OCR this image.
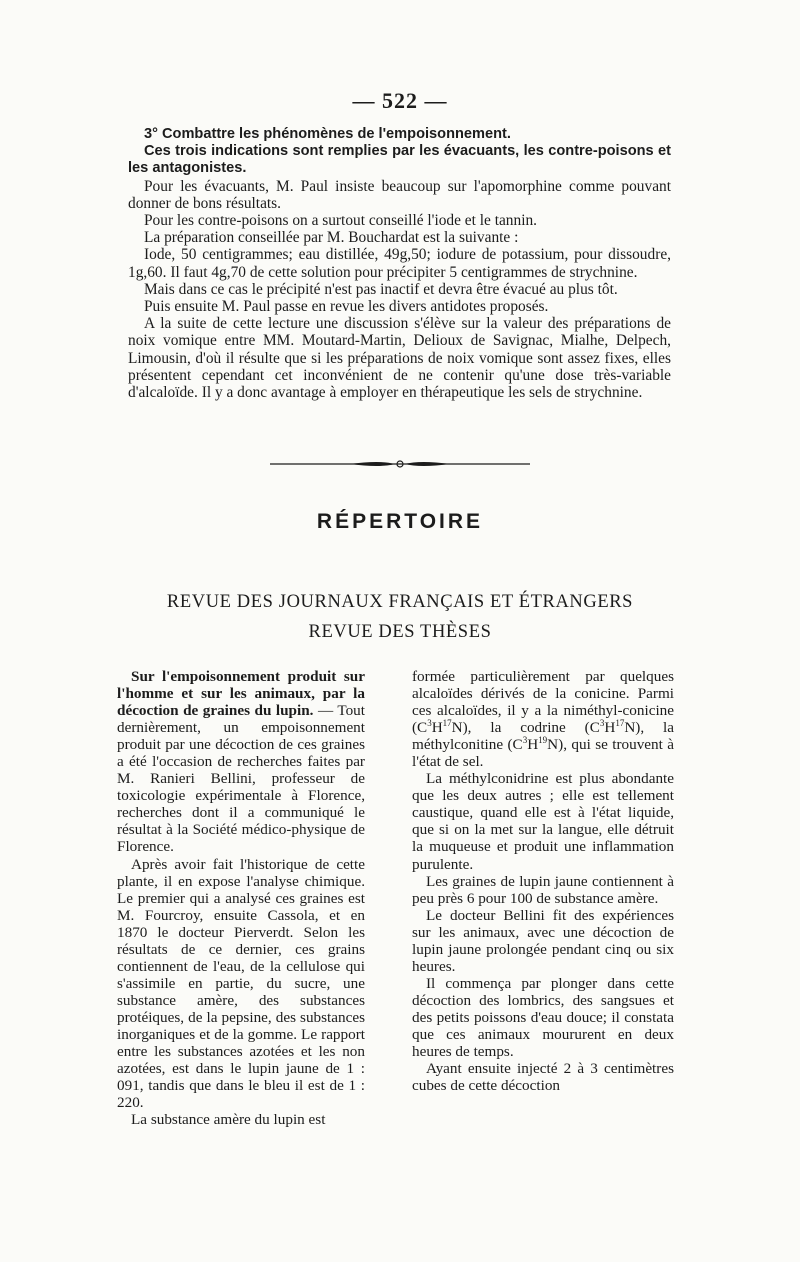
— 522 —

3° Combattre les phénomènes de l'empoisonnement.

Ces trois indications sont remplies par les évacuants, les contre-poisons et les antagonistes.

Pour les évacuants, M. Paul insiste beaucoup sur l'apomorphine comme pouvant donner de bons résultats.

Pour les contre-poisons on a surtout conseillé l'iode et le tannin.

La préparation conseillée par M. Bouchardat est la suivante :

Iode, 50 centigrammes; eau distillée, 49g,50; iodure de potassium, pour dissoudre, 1g,60. Il faut 4g,70 de cette solution pour précipiter 5 centigrammes de strychnine.

Mais dans ce cas le précipité n'est pas inactif et devra être évacué au plus tôt.

Puis ensuite M. Paul passe en revue les divers antidotes proposés.

A la suite de cette lecture une discussion s'élève sur la valeur des préparations de noix vomique entre MM. Moutard-Martin, Delioux de Savignac, Mialhe, Delpech, Limousin, d'où il résulte que si les préparations de noix vomique sont assez fixes, elles présentent cependant cet inconvénient de ne contenir qu'une dose très-variable d'alcaloïde. Il y a donc avantage à employer en thérapeutique les sels de strychnine.

RÉPERTOIRE
REVUE DES JOURNAUX FRANÇAIS ET ÉTRANGERS
REVUE DES THÈSES

Sur l'empoisonnement produit sur l'homme et sur les animaux, par la décoction de graines du lupin. — Tout dernièrement, un empoisonnement produit par une décoction de ces graines a été l'occasion de recherches faites par M. Ranieri Bellini, professeur de toxicologie expérimentale à Florence, recherches dont il a communiqué le résultat à la Société médico-physique de Florence.

Après avoir fait l'historique de cette plante, il en expose l'analyse chimique. Le premier qui a analysé ces graines est M. Fourcroy, ensuite Cassola, et en 1870 le docteur Pierverdt. Selon les résultats de ce dernier, ces grains contiennent de l'eau, de la cellulose qui s'assimile en partie, du sucre, une substance amère, des substances protéiques, de la pepsine, des substances inorganiques et de la gomme. Le rapport entre les substances azotées et les non azotées, est dans le lupin jaune de 1 : 091, tandis que dans le bleu il est de 1 : 220.

La substance amère du lupin est

formée particulièrement par quelques alcaloïdes dérivés de la conicine. Parmi ces alcaloïdes, il y a la niméthyl-conicine $(C^3H^{17}N)$, la codrine $(C^3H^{17}N)$, la méthylconitine $(C^3H^{19}N)$, qui se trouvent à l'état de sel.

La méthylconidrine est plus abondante que les deux autres ; elle est tellement caustique, quand elle est à l'état liquide, que si on la met sur la langue, elle détruit la muqueuse et produit une inflammation purulente.

Les graines de lupin jaune contiennent à peu près 6 pour 100 de substance amère.

Le docteur Bellini fit des expériences sur les animaux, avec une décoction de lupin jaune prolongée pendant cinq ou six heures.

Il commença par plonger dans cette décoction des lombrics, des sangsues et des petits poissons d'eau douce; il constata que ces animaux moururent en deux heures de temps.

Ayant ensuite injecté 2 à 3 centimètres cubes de cette décoction
